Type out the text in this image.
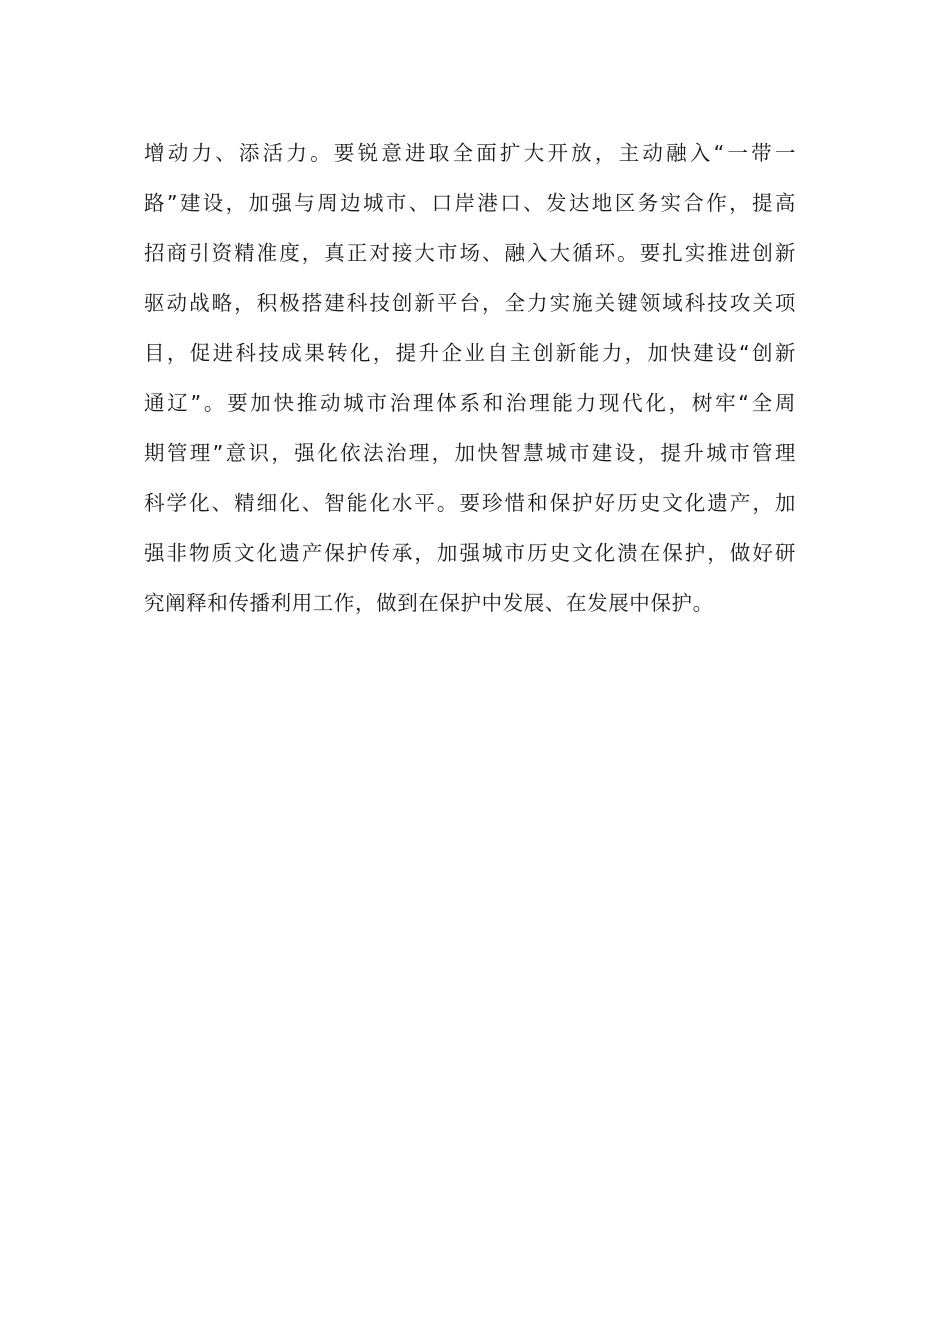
增动力、添活力。要锐意进取全面扩大开放，主动融入“一带一
路”建设，加强与周边城市、口岸港口、发达地区务实合作，提高
招商引资精准度，真正对接大市场、融入大循环。要扎实推进创新
驱动战略，积极搭建科技创新平台，全力实施关键领域科技攻关项
目，促进科技成果转化，提升企业自主创新能力，加快建设“创新
通辽”。要加快推动城市治理体系和治理能力现代化，树牢“全周
期管理”意识，强化依法治理，加快智慧城市建设，提升城市管理
科学化、精细化、智能化水平。要珍惜和保护好历史文化遗产，加
强非物质文化遗产保护传承，加强城市历史文化溃在保护，做好研
究阐释和传播利用工作，做到在保护中发展、在发展中保护。
